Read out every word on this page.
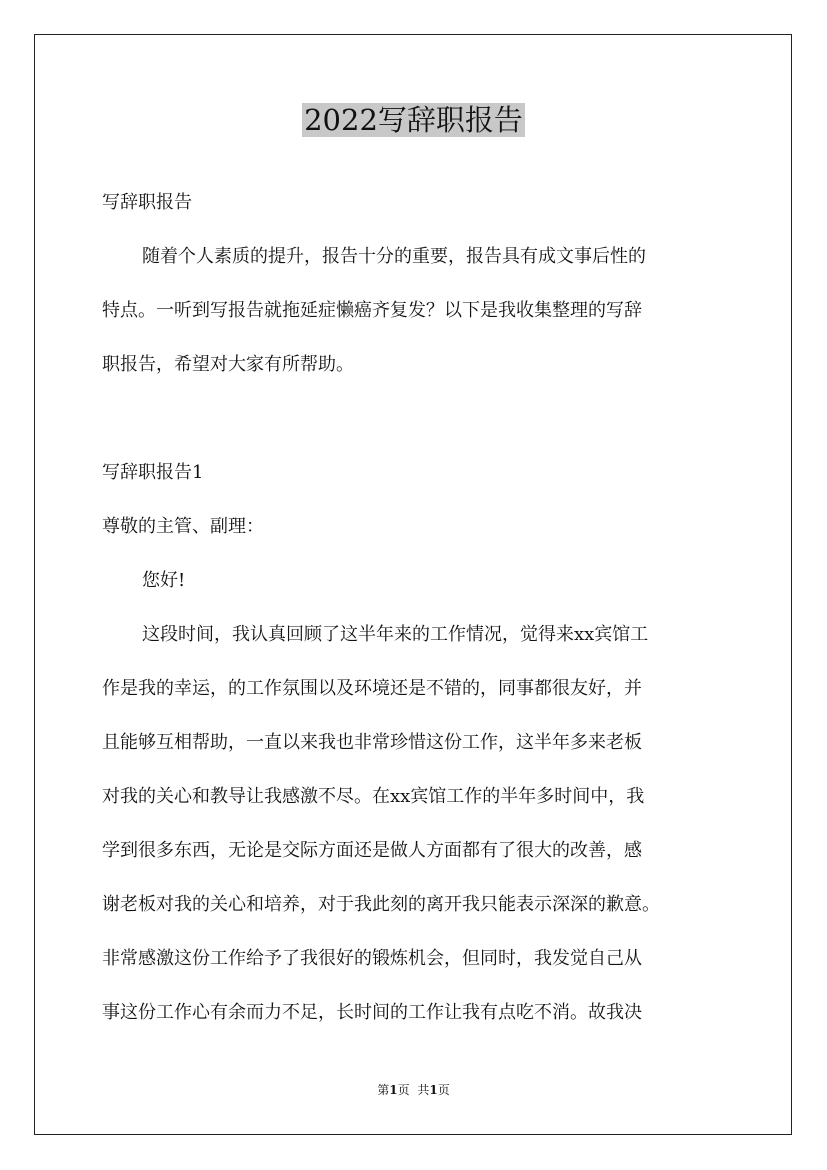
2022写辞职报告
写辞职报告
随着个人素质的提升，报告十分的重要，报告具有成文事后性的
特点。一听到写报告就拖延症懒癌齐复发？以下是我收集整理的写辞
职报告，希望对大家有所帮助。
写辞职报告1
尊敬的主管、副理：
您好!
这段时间，我认真回顾了这半年来的工作情况，觉得来xx宾馆工
作是我的幸运，的工作氛围以及环境还是不错的，同事都很友好，并
且能够互相帮助，一直以来我也非常珍惜这份工作，这半年多来老板
对我的关心和教导让我感激不尽。在xx宾馆工作的半年多时间中，我
学到很多东西，无论是交际方面还是做人方面都有了很大的改善，感
谢老板对我的关心和培养，对于我此刻的离开我只能表示深深的歉意。
非常感激这份工作给予了我很好的锻炼机会，但同时，我发觉自己从
事这份工作心有余而力不足，长时间的工作让我有点吃不消。故我决
第1页 共1页
